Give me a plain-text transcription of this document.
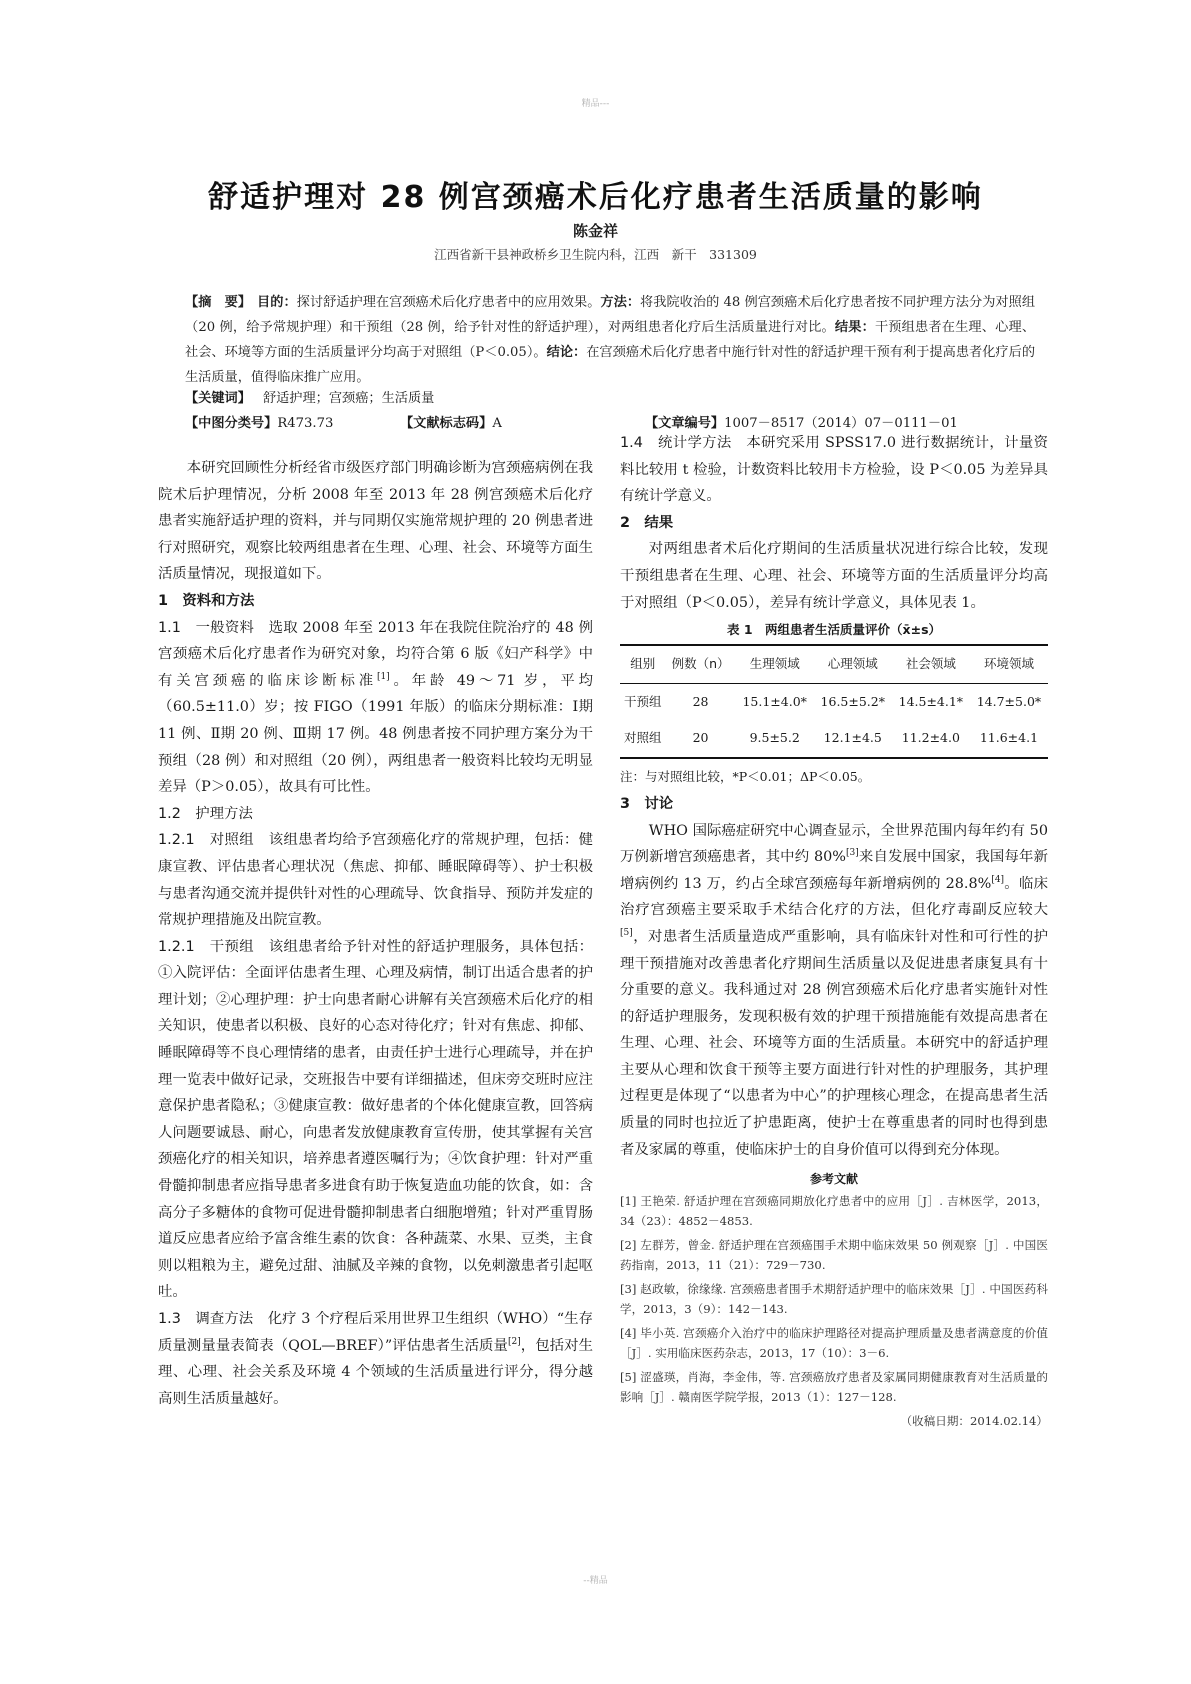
精品---
舒适护理对 28 例宫颈癌术后化疗患者生活质量的影响
陈金祥
江西省新干县神政桥乡卫生院内科，江西　新干　331309
【摘　要】 目的：探讨舒适护理在宫颈癌术后化疗患者中的应用效果。方法：将我院收治的 48 例宫颈癌术后化疗患者按不同护理方法分为对照组（20 例，给予常规护理）和干预组（28 例，给予针对性的舒适护理），对两组患者化疗后生活质量进行对比。结果：干预组患者在生理、心理、社会、环境等方面的生活质量评分均高于对照组（P＜0.05）。结论：在宫颈癌术后化疗患者中施行针对性的舒适护理干预有利于提高患者化疗后的生活质量，值得临床推广应用。
【关键词】 舒适护理；宫颈癌；生活质量
【中图分类号】R473.73	【文献标志码】A	【文章编号】1007－8517（2014）07－0111－01

本研究回顾性分析经省市级医疗部门明确诊断为宫颈癌病例在我院术后护理情况，分析 2008 年至 2013 年 28 例宫颈癌术后化疗患者实施舒适护理的资料，并与同期仅实施常规护理的 20 例患者进行对照研究，观察比较两组患者在生理、心理、社会、环境等方面生活质量情况，现报道如下。

1　资料和方法

1.1　一般资料　 选取 2008 年至 2013 年在我院住院治疗的 48 例宫颈癌术后化疗患者作为研究对象，均符合第 6 版《妇产科学》中有关宫颈癌的临床诊断标准[1]。年龄 49～71 岁，平均（60.5±11.0）岁；按 FIGO（1991 年版）的临床分期标准：Ⅰ期 11 例、Ⅱ期 20 例、Ⅲ期 17 例。48 例患者按不同护理方案分为干预组（28 例）和对照组（20 例），两组患者一般资料比较均无明显差异（P＞0.05），故具有可比性。

1.2　护理方法

1.2.1　对照组　 该组患者均给予宫颈癌化疗的常规护理，包括：健康宣教、评估患者心理状况（焦虑、抑郁、睡眠障碍等）、护士积极与患者沟通交流并提供针对性的心理疏导、饮食指导、预防并发症的常规护理措施及出院宣教。

1.2.1　干预组　 该组患者给予针对性的舒适护理服务，具体包括：①入院评估：全面评估患者生理、心理及病情，制订出适合患者的护理计划；②心理护理：护士向患者耐心讲解有关宫颈癌术后化疗的相关知识，使患者以积极、良好的心态对待化疗；针对有焦虑、抑郁、睡眠障碍等不良心理情绪的患者，由责任护士进行心理疏导，并在护理一览表中做好记录，交班报告中要有详细描述，但床旁交班时应注意保护患者隐私；③健康宣教：做好患者的个体化健康宣教，回答病人问题要诚恳、耐心，向患者发放健康教育宣传册，使其掌握有关宫颈癌化疗的相关知识，培养患者遵医嘱行为；④饮食护理：针对严重骨髓抑制患者应指导患者多进食有助于恢复造血功能的饮食，如：含高分子多糖体的食物可促进骨髓抑制患者白细胞增殖；针对严重胃肠道反应患者应给予富含维生素的饮食：各种蔬菜、水果、豆类，主食则以粗粮为主，避免过甜、油腻及辛辣的食物，以免刺激患者引起呕吐。

1.3　调查方法　 化疗 3 个疗程后采用世界卫生组织（WHO）“生存质量测量量表简表（QOL—BREF）”评估患者生活质量[2]，包括对生理、心理、社会关系及环境 4 个领域的生活质量进行评分，得分越高则生活质量越好。

1.4　统计学方法　 本研究采用 SPSS17.0 进行数据统计，计量资料比较用 t 检验，计数资料比较用卡方检验，设 P＜0.05 为差异具有统计学意义。

2　结果

对两组患者术后化疗期间的生活质量状况进行综合比较，发现干预组患者在生理、心理、社会、环境等方面的生活质量评分均高于对照组（P＜0.05），差异有统计学意义，具体见表 1。

表 1　两组患者生活质量评价（x̄±s）
组别	例数（n）	生理领域	心理领域	社会领域	环境领域
干预组	28	15.1±4.0*	16.5±5.2*	14.5±4.1*	14.7±5.0*
对照组	20	9.5±5.2	12.1±4.5	11.2±4.0	11.6±4.1
注：与对照组比较，*P＜0.01；ΔP＜0.05。

3　讨论

WHO 国际癌症研究中心调查显示，全世界范围内每年约有 50 万例新增宫颈癌患者，其中约 80%[3]来自发展中国家，我国每年新增病例约 13 万，约占全球宫颈癌每年新增病例的 28.8%[4]。临床治疗宫颈癌主要采取手术结合化疗的方法，但化疗毒副反应较大[5]，对患者生活质量造成严重影响，具有临床针对性和可行性的护理干预措施对改善患者化疗期间生活质量以及促进患者康复具有十分重要的意义。我科通过对 28 例宫颈癌术后化疗患者实施针对性的舒适护理服务，发现积极有效的护理干预措施能有效提高患者在生理、心理、社会、环境等方面的生活质量。本研究中的舒适护理主要从心理和饮食干预等主要方面进行针对性的护理服务，其护理过程更是体现了“以患者为中心”的护理核心理念，在提高患者生活质量的同时也拉近了护患距离，使护士在尊重患者的同时也得到患者及家属的尊重，使临床护士的自身价值可以得到充分体现。

参考文献
[1] 王艳荣. 舒适护理在宫颈癌同期放化疗患者中的应用［J］. 吉林医学，2013，34（23）：4852－4853.
[2] 左群芳，曾金. 舒适护理在宫颈癌围手术期中临床效果 50 例观察［J］. 中国医药指南，2013，11（21）：729－730.
[3] 赵政敏，徐缘缘. 宫颈癌患者围手术期舒适护理中的临床效果［J］. 中国医药科学，2013，3（9）：142－143.
[4] 毕小英. 宫颈癌介入治疗中的临床护理路径对提高护理质量及患者满意度的价值［J］. 实用临床医药杂志，2013，17（10）：3－6.
[5] 涩盛瑛，肖海，李金伟，等. 宫颈癌放疗患者及家属同期健康教育对生活质量的影响［J］. 赣南医学院学报，2013（1）：127－128.
（收稿日期：2014.02.14）
--精品
